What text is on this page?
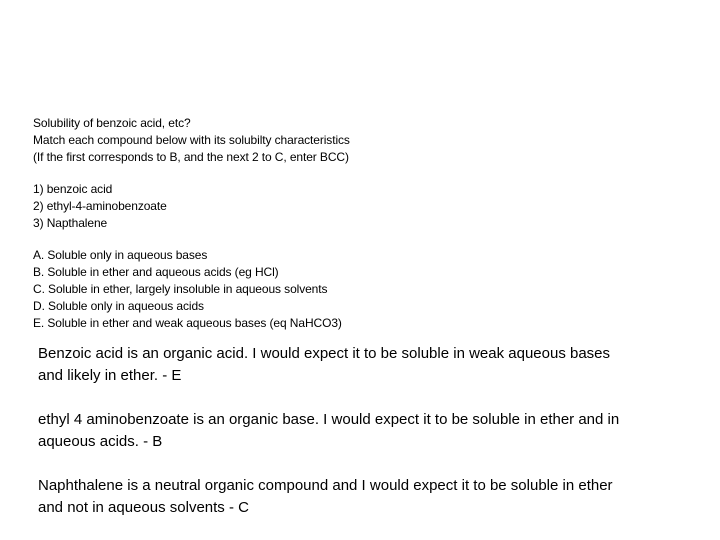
Solubility of benzoic acid, etc?
Match each compound below with its solubilty characteristics
(If the first corresponds to B, and the next 2 to C, enter BCC)
1) benzoic acid
2) ethyl-4-aminobenzoate
3) Napthalene
A. Soluble only in aqueous bases
B. Soluble in ether and aqueous acids (eg HCl)
C. Soluble in ether, largely insoluble in aqueous solvents
D. Soluble only in aqueous acids
E. Soluble in ether and weak aqueous bases (eq NaHCO3)
Benzoic acid is an organic acid. I would expect it to be soluble in weak aqueous bases
and likely in ether. - E
ethyl 4 aminobenzoate is an organic base. I would expect it to be soluble in ether and in
aqueous acids. - B
Naphthalene is a neutral organic compound and I would expect it to be soluble in ether
and not in aqueous solvents - C
